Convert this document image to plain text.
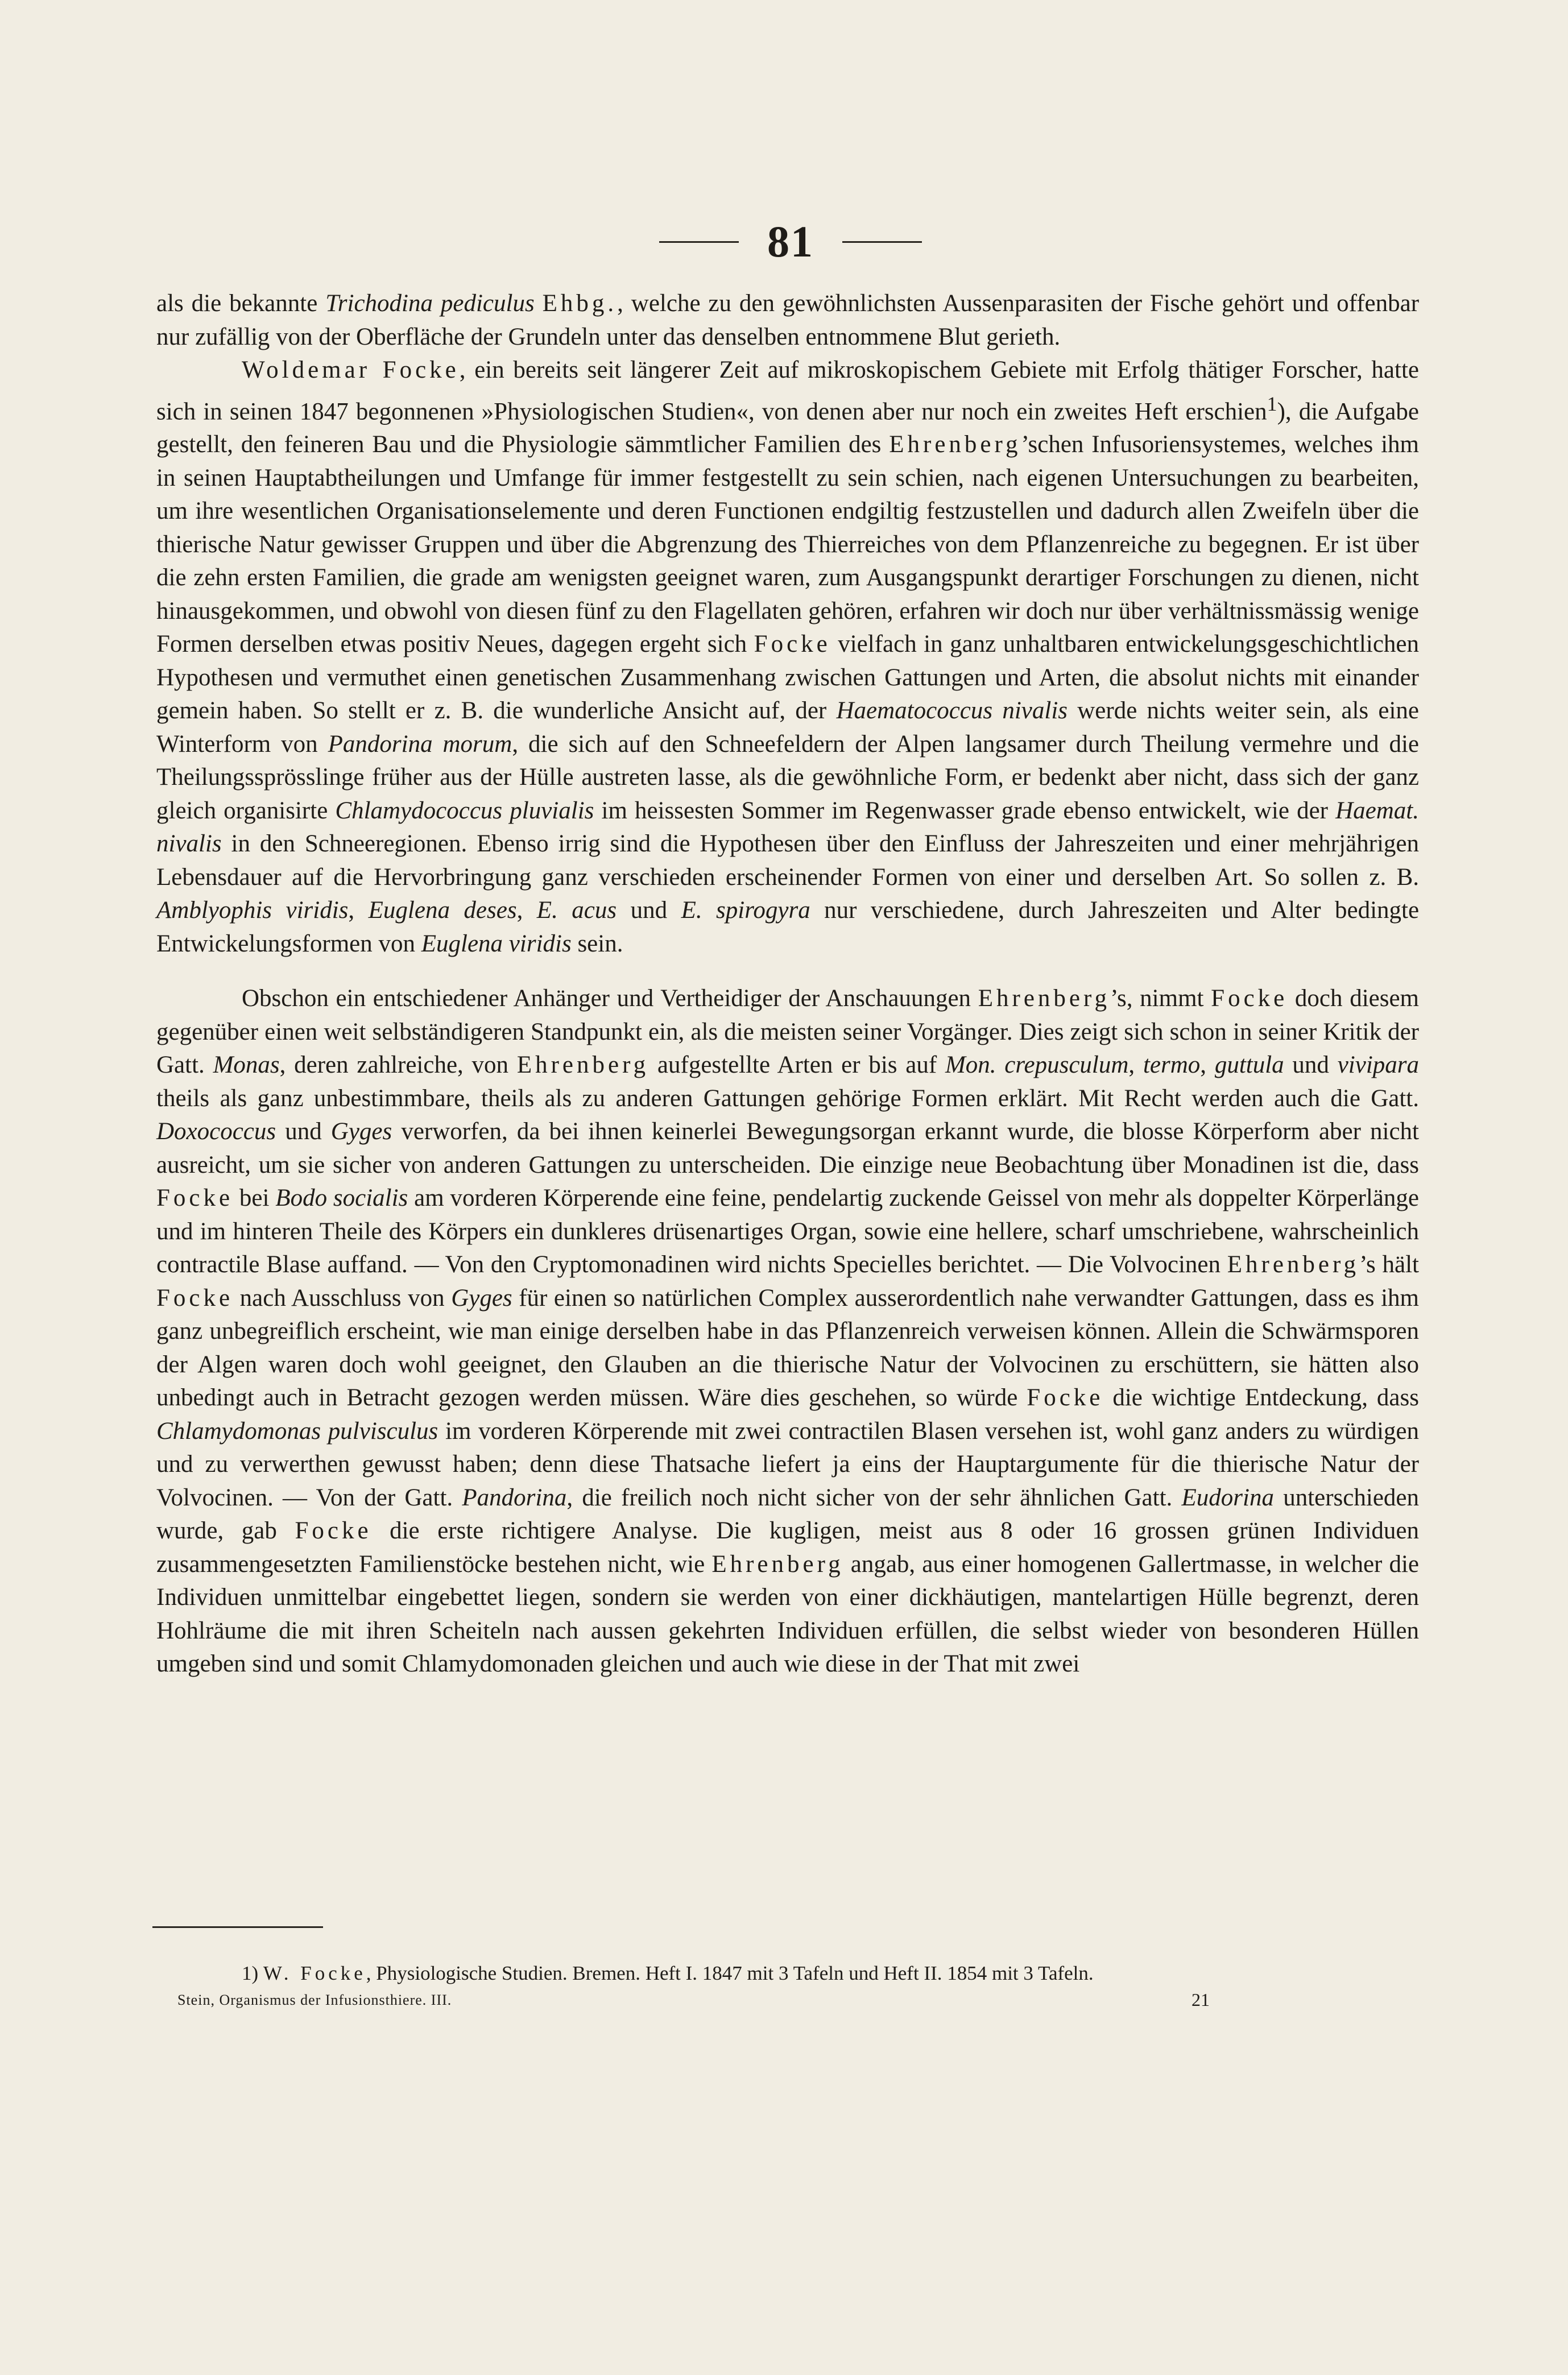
81

als die bekannte Trichodina pediculus Ehbg., welche zu den gewöhnlichsten Aussenparasiten der Fische gehört und offenbar nur zufällig von der Oberfläche der Grundeln unter das denselben entnommene Blut gerieth.

Woldemar Focke, ein bereits seit längerer Zeit auf mikroskopischem Gebiete mit Erfolg thätiger Forscher, hatte sich in seinen 1847 begonnenen »Physiologischen Studien«, von denen aber nur noch ein zweites Heft erschien$^1$), die Aufgabe gestellt, den feineren Bau und die Physiologie sämmtlicher Familien des Ehrenberg’schen Infusoriensystemes, welches ihm in seinen Hauptabtheilungen und Umfange für immer festgestellt zu sein schien, nach eigenen Untersuchungen zu bearbeiten, um ihre wesentlichen Organisationselemente und deren Functionen endgiltig festzustellen und dadurch allen Zweifeln über die thierische Natur gewisser Gruppen und über die Abgrenzung des Thierreiches von dem Pflanzenreiche zu begegnen. Er ist über die zehn ersten Familien, die grade am wenigsten geeignet waren, zum Ausgangspunkt derartiger Forschungen zu dienen, nicht hinausgekommen, und obwohl von diesen fünf zu den Flagellaten gehören, erfahren wir doch nur über verhältnissmässig wenige Formen derselben etwas positiv Neues, dagegen ergeht sich Focke vielfach in ganz unhaltbaren entwickelungsgeschichtlichen Hypothesen und vermuthet einen genetischen Zusammenhang zwischen Gattungen und Arten, die absolut nichts mit einander gemein haben. So stellt er z. B. die wunderliche Ansicht auf, der Haematococcus nivalis werde nichts weiter sein, als eine Winterform von Pandorina morum, die sich auf den Schneefeldern der Alpen langsamer durch Theilung vermehre und die Theilungssprösslinge früher aus der Hülle austreten lasse, als die gewöhnliche Form, er bedenkt aber nicht, dass sich der ganz gleich organisirte Chlamydococcus pluvialis im heissesten Sommer im Regenwasser grade ebenso entwickelt, wie der Haemat. nivalis in den Schneeregionen. Ebenso irrig sind die Hypothesen über den Einfluss der Jahreszeiten und einer mehrjährigen Lebensdauer auf die Hervorbringung ganz verschieden erscheinender Formen von einer und derselben Art. So sollen z. B. Amblyophis viridis, Euglena deses, E. acus und E. spirogyra nur verschiedene, durch Jahreszeiten und Alter bedingte Entwickelungsformen von Euglena viridis sein.

Obschon ein entschiedener Anhänger und Vertheidiger der Anschauungen Ehrenberg’s, nimmt Focke doch diesem gegenüber einen weit selbständigeren Standpunkt ein, als die meisten seiner Vorgänger. Dies zeigt sich schon in seiner Kritik der Gatt. Monas, deren zahlreiche, von Ehrenberg aufgestellte Arten er bis auf Mon. crepusculum, termo, guttula und vivipara theils als ganz unbestimmbare, theils als zu anderen Gattungen gehörige Formen erklärt. Mit Recht werden auch die Gatt. Doxococcus und Gyges verworfen, da bei ihnen keinerlei Bewegungsorgan erkannt wurde, die blosse Körperform aber nicht ausreicht, um sie sicher von anderen Gattungen zu unterscheiden. Die einzige neue Beobachtung über Monadinen ist die, dass Focke bei Bodo socialis am vorderen Körperende eine feine, pendelartig zuckende Geissel von mehr als doppelter Körperlänge und im hinteren Theile des Körpers ein dunkleres drüsenartiges Organ, sowie eine hellere, scharf umschriebene, wahrscheinlich contractile Blase auffand. — Von den Cryptomonadinen wird nichts Specielles berichtet. — Die Volvocinen Ehrenberg’s hält Focke nach Ausschluss von Gyges für einen so natürlichen Complex ausserordentlich nahe verwandter Gattungen, dass es ihm ganz unbegreiflich erscheint, wie man einige derselben habe in das Pflanzenreich verweisen können. Allein die Schwärmsporen der Algen waren doch wohl geeignet, den Glauben an die thierische Natur der Volvocinen zu erschüttern, sie hätten also unbedingt auch in Betracht gezogen werden müssen. Wäre dies geschehen, so würde Focke die wichtige Entdeckung, dass Chlamydomonas pulvisculus im vorderen Körperende mit zwei contractilen Blasen versehen ist, wohl ganz anders zu würdigen und zu verwerthen gewusst haben; denn diese Thatsache liefert ja eins der Hauptargumente für die thierische Natur der Volvocinen. — Von der Gatt. Pandorina, die freilich noch nicht sicher von der sehr ähnlichen Gatt. Eudorina unterschieden wurde, gab Focke die erste richtigere Analyse. Die kugligen, meist aus 8 oder 16 grossen grünen Individuen zusammengesetzten Familienstöcke bestehen nicht, wie Ehrenberg angab, aus einer homogenen Gallertmasse, in welcher die Individuen unmittelbar eingebettet liegen, sondern sie werden von einer dickhäutigen, mantelartigen Hülle begrenzt, deren Hohlräume die mit ihren Scheiteln nach aussen gekehrten Individuen erfüllen, die selbst wieder von besonderen Hüllen umgeben sind und somit Chlamydomonaden gleichen und auch wie diese in der That mit zwei

1) W. Focke, Physiologische Studien. Bremen. Heft I. 1847 mit 3 Tafeln und Heft II. 1854 mit 3 Tafeln.
Stein, Organismus der Infusionsthiere. III.	21
